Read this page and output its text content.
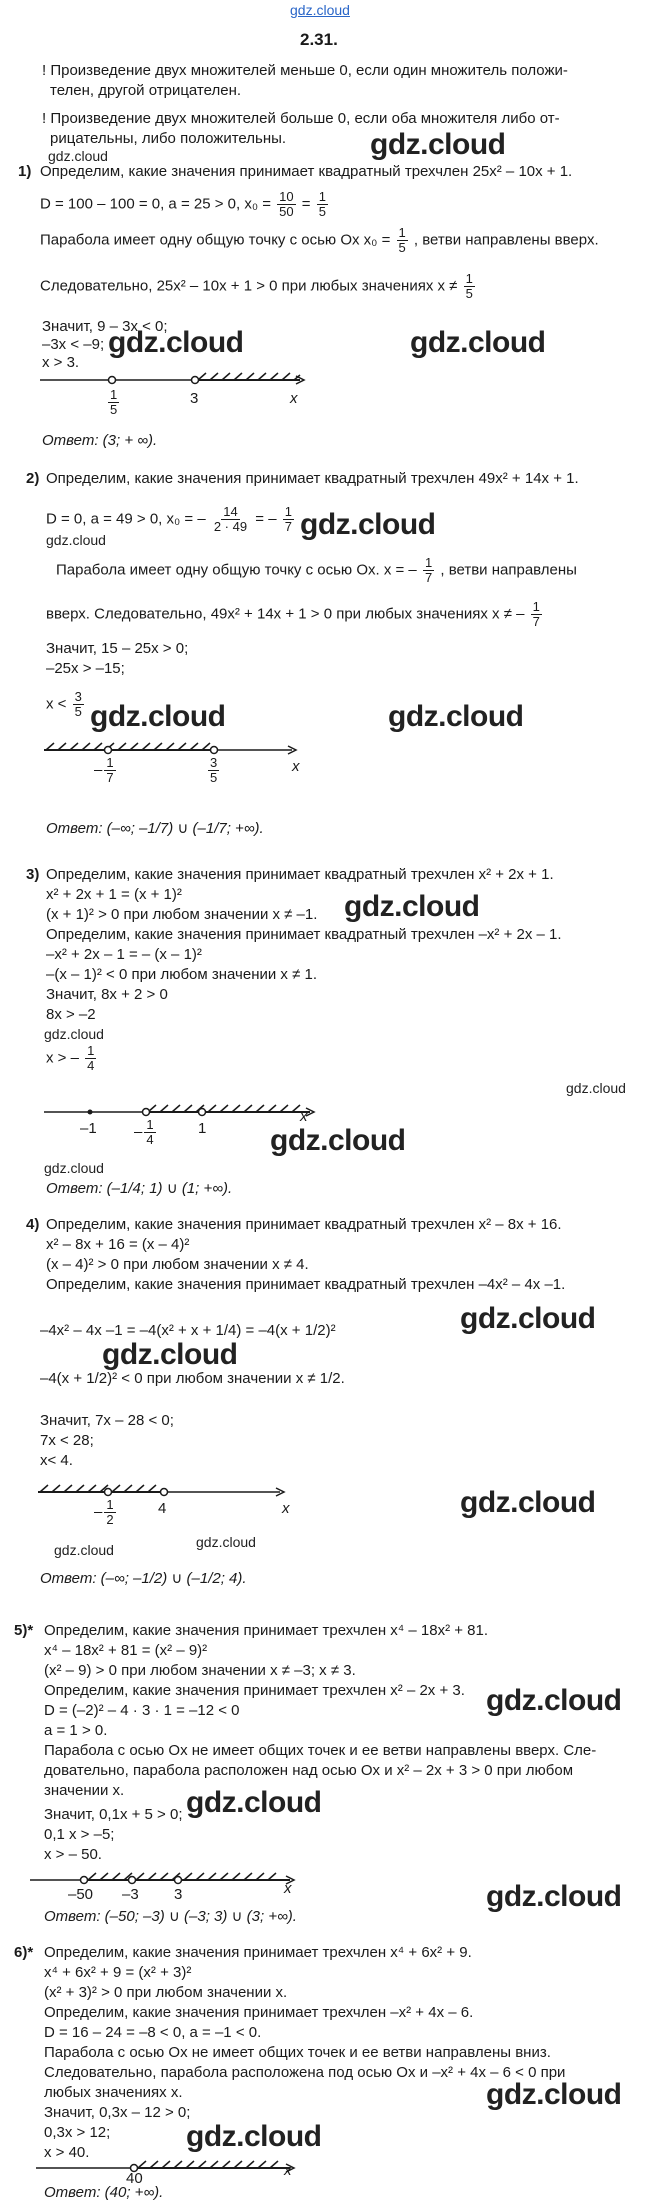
gdz.cloud
2.31.
! Произведение двух множителей меньше 0, если один множитель положи-
телен, другой отрицателен.
! Произведение двух множителей больше 0, если оба множителя либо от-
рицательны, либо положительны.
gdz.cloud	gdz.cloud
1) Определим, какие значения принимает квадратный трехчлен 25x² – 10x + 1.
D = 100 – 100 = 0, a = 25 > 0, $x_0 = \frac{10}{50} = \frac{1}{5}$
Парабола имеет одну общую точку с осью Ox $x_0 = \frac{1}{5}$ , ветви направлены вверх.
Следовательно, 25x² – 10x + 1 > 0 при любых значениях $x \ne \frac{1}{5}$
Значит, 9 – 3x < 0;
–3x < –9;
x > 3.
gdz.cloud	gdz.cloud
$\frac{1}{5}$	3	x
Ответ: (3; + ∞).
2) Определим, какие значения принимает квадратный трехчлен 49x² + 14x + 1.
D = 0, a = 49 > 0, x₀ = – $\frac{14}{2 \cdot 49}$ = – $\frac{1}{7}$
gdz.cloud	gdz.cloud
Парабола имеет одну общую точку с осью Ox. x = – $\frac{1}{7}$ , ветви направлены
вверх. Следовательно, 49x² + 14x + 1 > 0 при любых значениях x ≠ – $\frac{1}{7}$
Значит, 15 – 25x > 0;
–25x > –15;
$x < \frac{3}{5}$ gdz.cloud	gdz.cloud
– $\frac{1}{7}$	$\frac{3}{5}$	x
Ответ: (–∞; –1/7) ∪ (–1/7; +∞).
3) Определим, какие значения принимает квадратный трехчлен x² + 2x + 1.
x² + 2x + 1 = (x + 1)²
(x + 1)² > 0 при любом значении x ≠ –1. gdz.cloud
Определим, какие значения принимает квадратный трехчлен –x² + 2x – 1.
–x² + 2x – 1 = – (x – 1)²
–(x – 1)² < 0 при любом значении x ≠ 1.
Значит, 8x + 2 > 0
8x > –2
gdz.cloud
x > – $\frac{1}{4}$
gdz.cloud
$-1 - \frac{1}{4}$	1
x
gdz.cloud
gdz.cloud
Ответ: (–1/4; 1) ∪ (1; +∞).
4) Определим, какие значения принимает квадратный трехчлен x² – 8x + 16.
x² – 8x + 16 = (x – 4)²
(x – 4)² > 0 при любом значении x ≠ 4.
Определим, какие значения принимает квадратный трехчлен –4x² – 4x –1.
gdz.cloud
–4x² – 4x –1 = –4(x² + x + 1/4) = –4(x + 1/2)²
gdz.cloud
–4(x + 1/2)² < 0 при любом значении x ≠ 1/2.
Значит, 7x – 28 < 0;
7x < 28;
x< 4.
– $\frac{1}{2}$	4	x	gdz.cloud
gdz.cloud	gdz.cloud
Ответ: (–∞; –1/2) ∪ (–1/2; 4).
5)* Определим, какие значения принимает трехчлен x⁴ – 18x² + 81.
x⁴ – 18x² + 81 = (x² – 9)²
(x² – 9) > 0 при любом значении x ≠ –3; x ≠ 3.
Определим, какие значения принимает трехчлен x² – 2x + 3. gdz.cloud
D = (–2)² – 4 · 3 · 1 = –12 < 0
a = 1 > 0.
Парабола с осью Ox не имеет общих точек и ее ветви направлены вверх. Сле-
довательно, парабола расположен над осью Ox и x² – 2x + 3 > 0 при любом
значении x. gdz.cloud
Значит, 0,1x + 5 > 0;
0,1 x > –5;
x > – 50.
–50 –3 3	x	gdz.cloud
Ответ: (–50; –3) ∪ (–3; 3) ∪ (3; +∞).
6)* Определим, какие значения принимает трехчлен x⁴ + 6x² + 9.
x⁴ + 6x² + 9 = (x² + 3)²
(x² + 3)² > 0 при любом значении x.
Определим, какие значения принимает трехчлен –x² + 4x – 6.
D = 16 – 24 = –8 < 0, a = –1 < 0.
Парабола с осью Ox не имеет общих точек и ее ветви направлены вниз.
Следовательно, парабола расположена под осью Ox и –x² + 4x – 6 < 0 при
любых значениях x.	gdz.cloud
Значит, 0,3x – 12 > 0;
0,3x > 12;
x > 40.	gdz.cloud
40	x
Ответ: (40; +∞).
